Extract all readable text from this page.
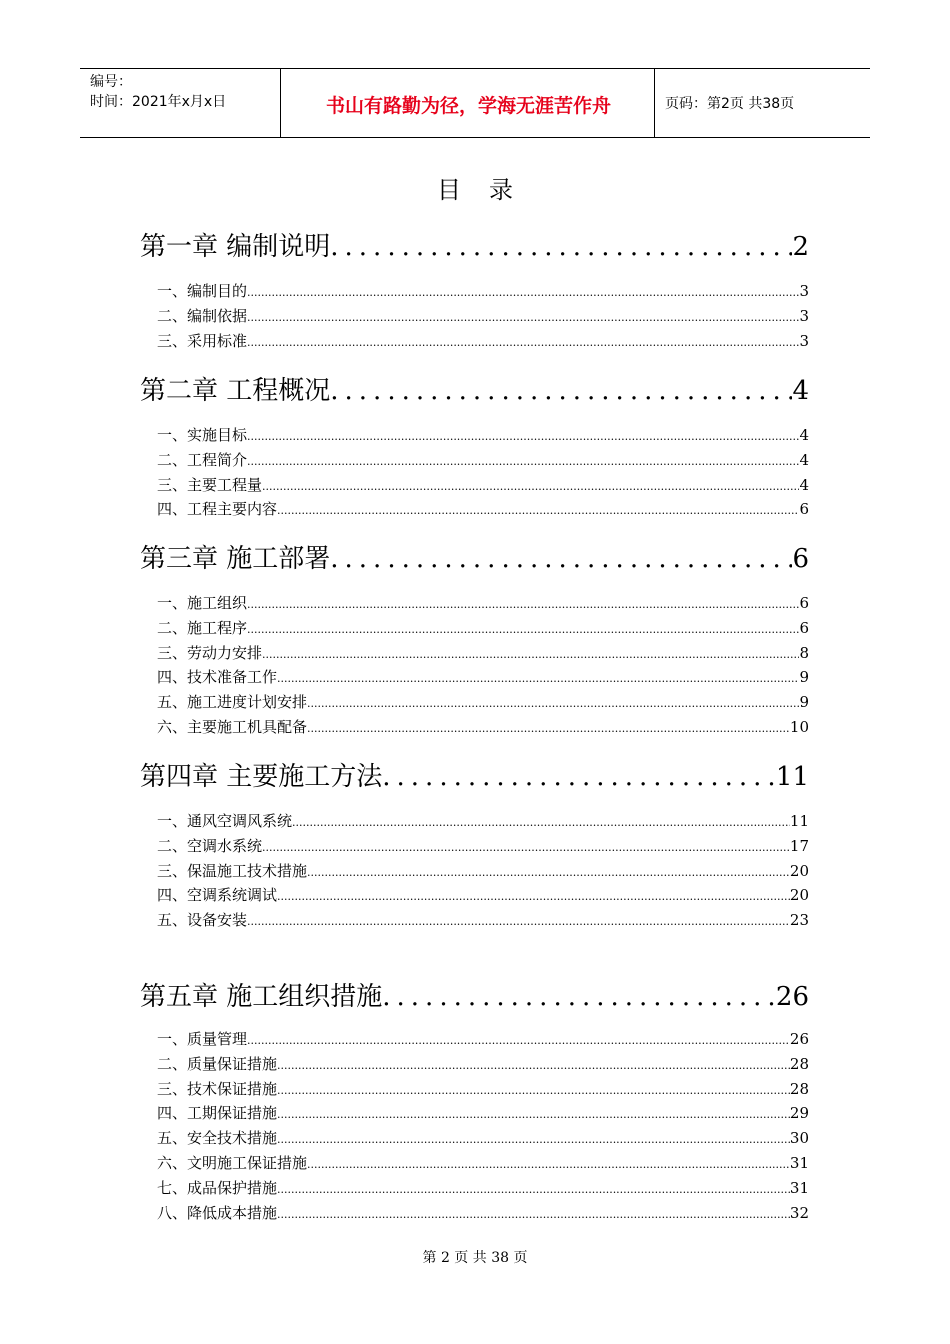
编号：
时间：2021年x月x日	书山有路勤为径，学海无涯苦作舟	页码：第2页 共38页
目录
第一章 编制说明 .....	2
一、编制目的 .....	3
二、编制依据 .....	3
三、采用标准 .....	3
第二章 工程概况 .....	4
一、实施目标 .....	4
二、工程简介 .....	4
三、主要工程量 .....	4
四、工程主要内容 .....	6
第三章 施工部署 .....	6
一、施工组织 .....	6
二、施工程序 .....	6
三、劳动力安排 .....	8
四、技术准备工作 .....	9
五、施工进度计划安排 .....	9
六、主要施工机具配备 .....	10
第四章 主要施工方法 .....	11
一、通风空调风系统 .....	11
二、空调水系统 .....	17
三、保温施工技术措施 .....	20
四、空调系统调试 .....	20
五、设备安装 .....	23
第五章 施工组织措施 .....	26
一、质量管理 .....	26
二、质量保证措施 .....	28
三、技术保证措施 .....	28
四、工期保证措施 .....	29
五、安全技术措施 .....	30
六、文明施工保证措施 .....	31
七、成品保护措施 .....	31
八、降低成本措施 .....	32
第 2 页 共 38 页
